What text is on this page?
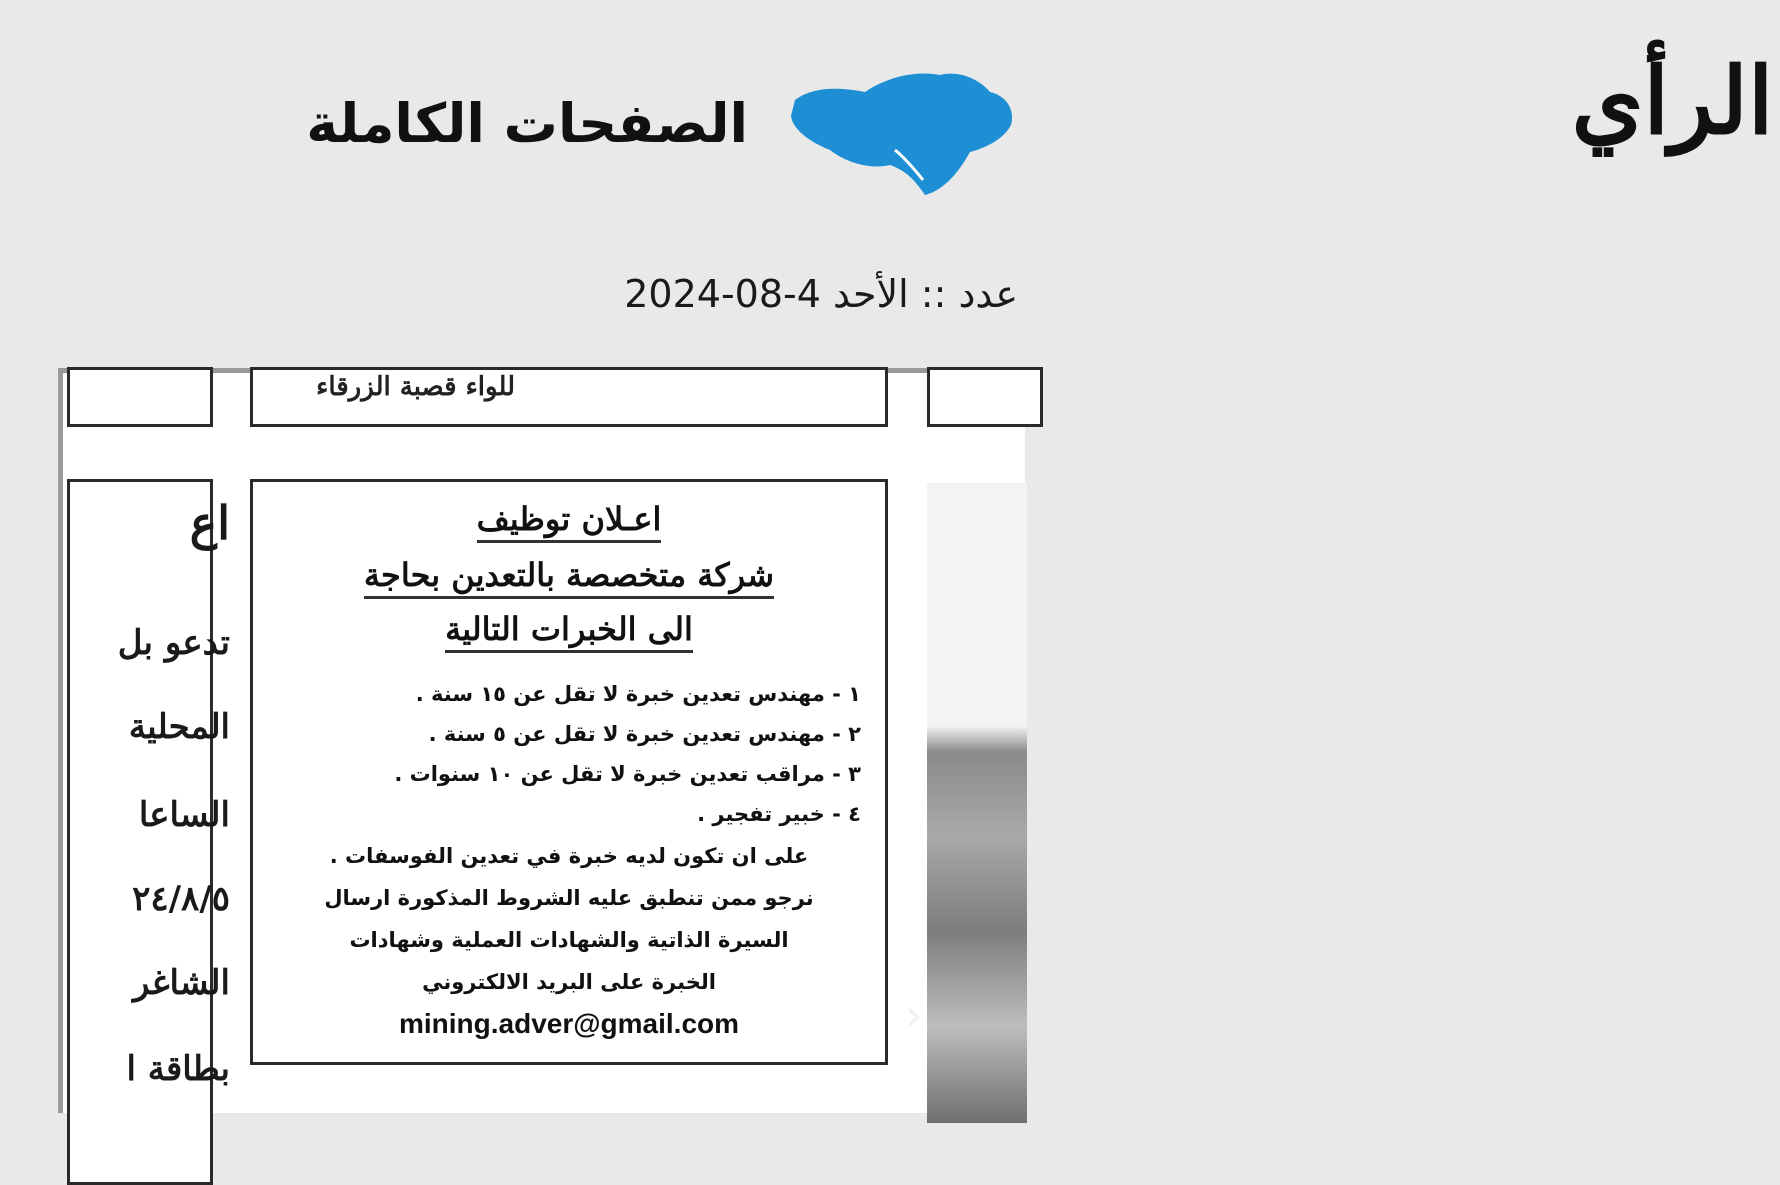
الرأي
الصفحات الكاملة
عدد :: الأحد 4-08-2024
للواء قصبة الزرقاء
اع
تدعو بل
المحلية
الساعا
٢٤/٨/٥
الشاغر
بطاقة ا
اعـلان توظيف
شركة متخصصة بالتعدين بحاجة
الى الخبرات التالية
١ - مهندس تعدين خبرة لا تقل عن ١٥ سنة .
٢ - مهندس تعدين خبرة لا تقل عن ٥ سنة .
٣ - مراقب تعدين خبرة لا تقل عن ١٠ سنوات .
٤ - خبير تفجير .
على ان تكون لديه خبرة في تعدين الفوسفات .
نرجو ممن تنطبق عليه الشروط المذكورة ارسال
السيرة الذاتية والشهادات العملية وشهادات
الخبرة على البريد الالكتروني
mining.adver@gmail.com	›
